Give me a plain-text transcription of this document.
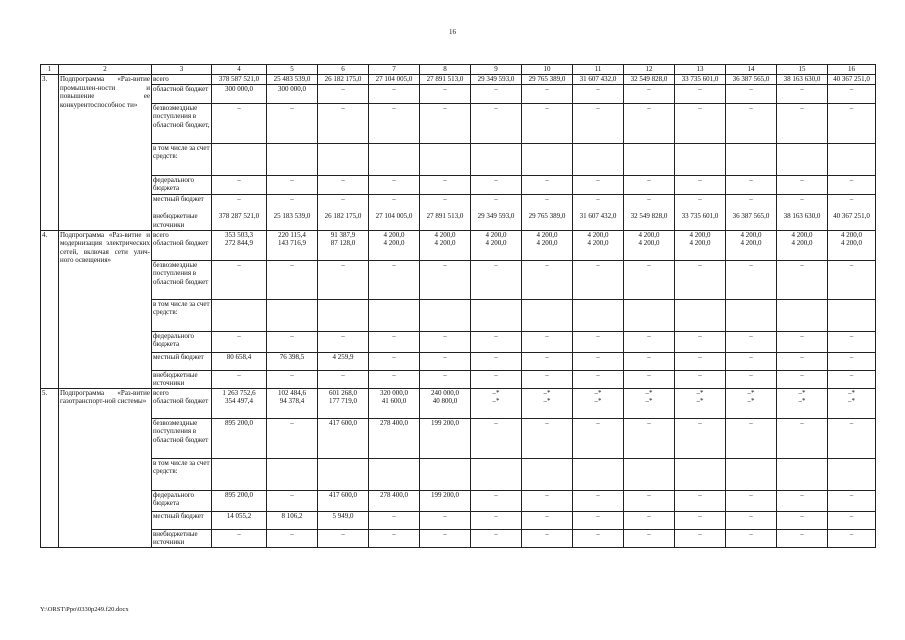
16
1	2	3	4	5	6	7	8	9	10	11	12	13	14	15	16
3.	Подпрограмма «Раз-витие промышлен-ности и повышение ее конкурентоспособнос ти»	всего	378 587 521,0	25 483 539,0	26 182 175,0	27 104 005,0	27 891 513,0	29 349 593,0	29 765 389,0	31 607 432,0	32 549 828,0	33 735 601,0	36 387 565,0	38 163 630,0	40 367 251,0
		областной бюджет	300 000,0	300 000,0	–	–	–	–	–	–	–	–	–	–	–
		безвозмездные поступления в областной бюджет,	–	–	–	–	–	–	–	–	–	–	–	–	–
		в том числе за счет средств:													
		федерального бюджета	–	–	–	–	–	–	–	–	–	–	–	–	–
		местный бюджет	–	–	–	–	–	–	–	–	–	–	–	–	–
		внебюджетные источники	378 287 521,0	25 183 539,0	26 182 175,0	27 104 005,0	27 891 513,0	29 349 593,0	29 765 389,0	31 607 432,0	32 549 828,0	33 735 601,0	36 387 565,0	38 163 630,0	40 367 251,0
4.	Подпрограмма «Раз-витие и модернизация электрических сетей, включая сети улич-ного освещения»	всего	353 503,3	220 115,4	91 387,9	4 200,0	4 200,0	4 200,0	4 200,0	4 200,0	4 200,0	4 200,0	4 200,0	4 200,0	4 200,0
		областной бюджет	272 844,9	143 716,9	87 128,0	4 200,0	4 200,0	4 200,0	4 200,0	4 200,0	4 200,0	4 200,0	4 200,0	4 200,0	4 200,0
		безвозмездные поступления в областной бюджет	–	–	–	–	–	–	–	–	–	–	–	–	–
		в том числе за счет средств:													
		федерального бюджета	–	–	–	–	–	–	–	–	–	–	–	–	–
		местный бюджет	80 658,4	76 398,5	4 259,9	–	–	–	–	–	–	–	–	–	–
		внебюджетные источники	–	–	–	–	–	–	–	–	–	–	–	–	–
5.	Подпрограмма «Раз-витие газотранспорт-ной системы»	всего	1 263 752,6	102 484,6	601 268,0	320 000,0	240 000,0	–*	–*	–*	–*	–*	–*	–*	–*
		областной бюджет	354 497,4	94 378,4	177 719,0	41 600,0	40 800,0	–*	–*	–*	–*	–*	–*	–*	–*
		безвозмездные поступления в областной бюджет	895 200,0	–	417 600,0	278 400,0	199 200,0	–	–	–	–	–	–	–	–
		в том числе за счет средств:													
		федерального бюджета	895 200,0	–	417 600,0	278 400,0	199 200,0	–	–	–	–	–	–	–	–
		местный бюджет	14 055,2	8 106,2	5 949,0	–	–	–	–	–	–	–	–	–	–
		внебюджетные источники	–	–	–	–	–	–	–	–	–	–	–	–	–
Y:\ORST\Ppo\0330p249.f20.docx
